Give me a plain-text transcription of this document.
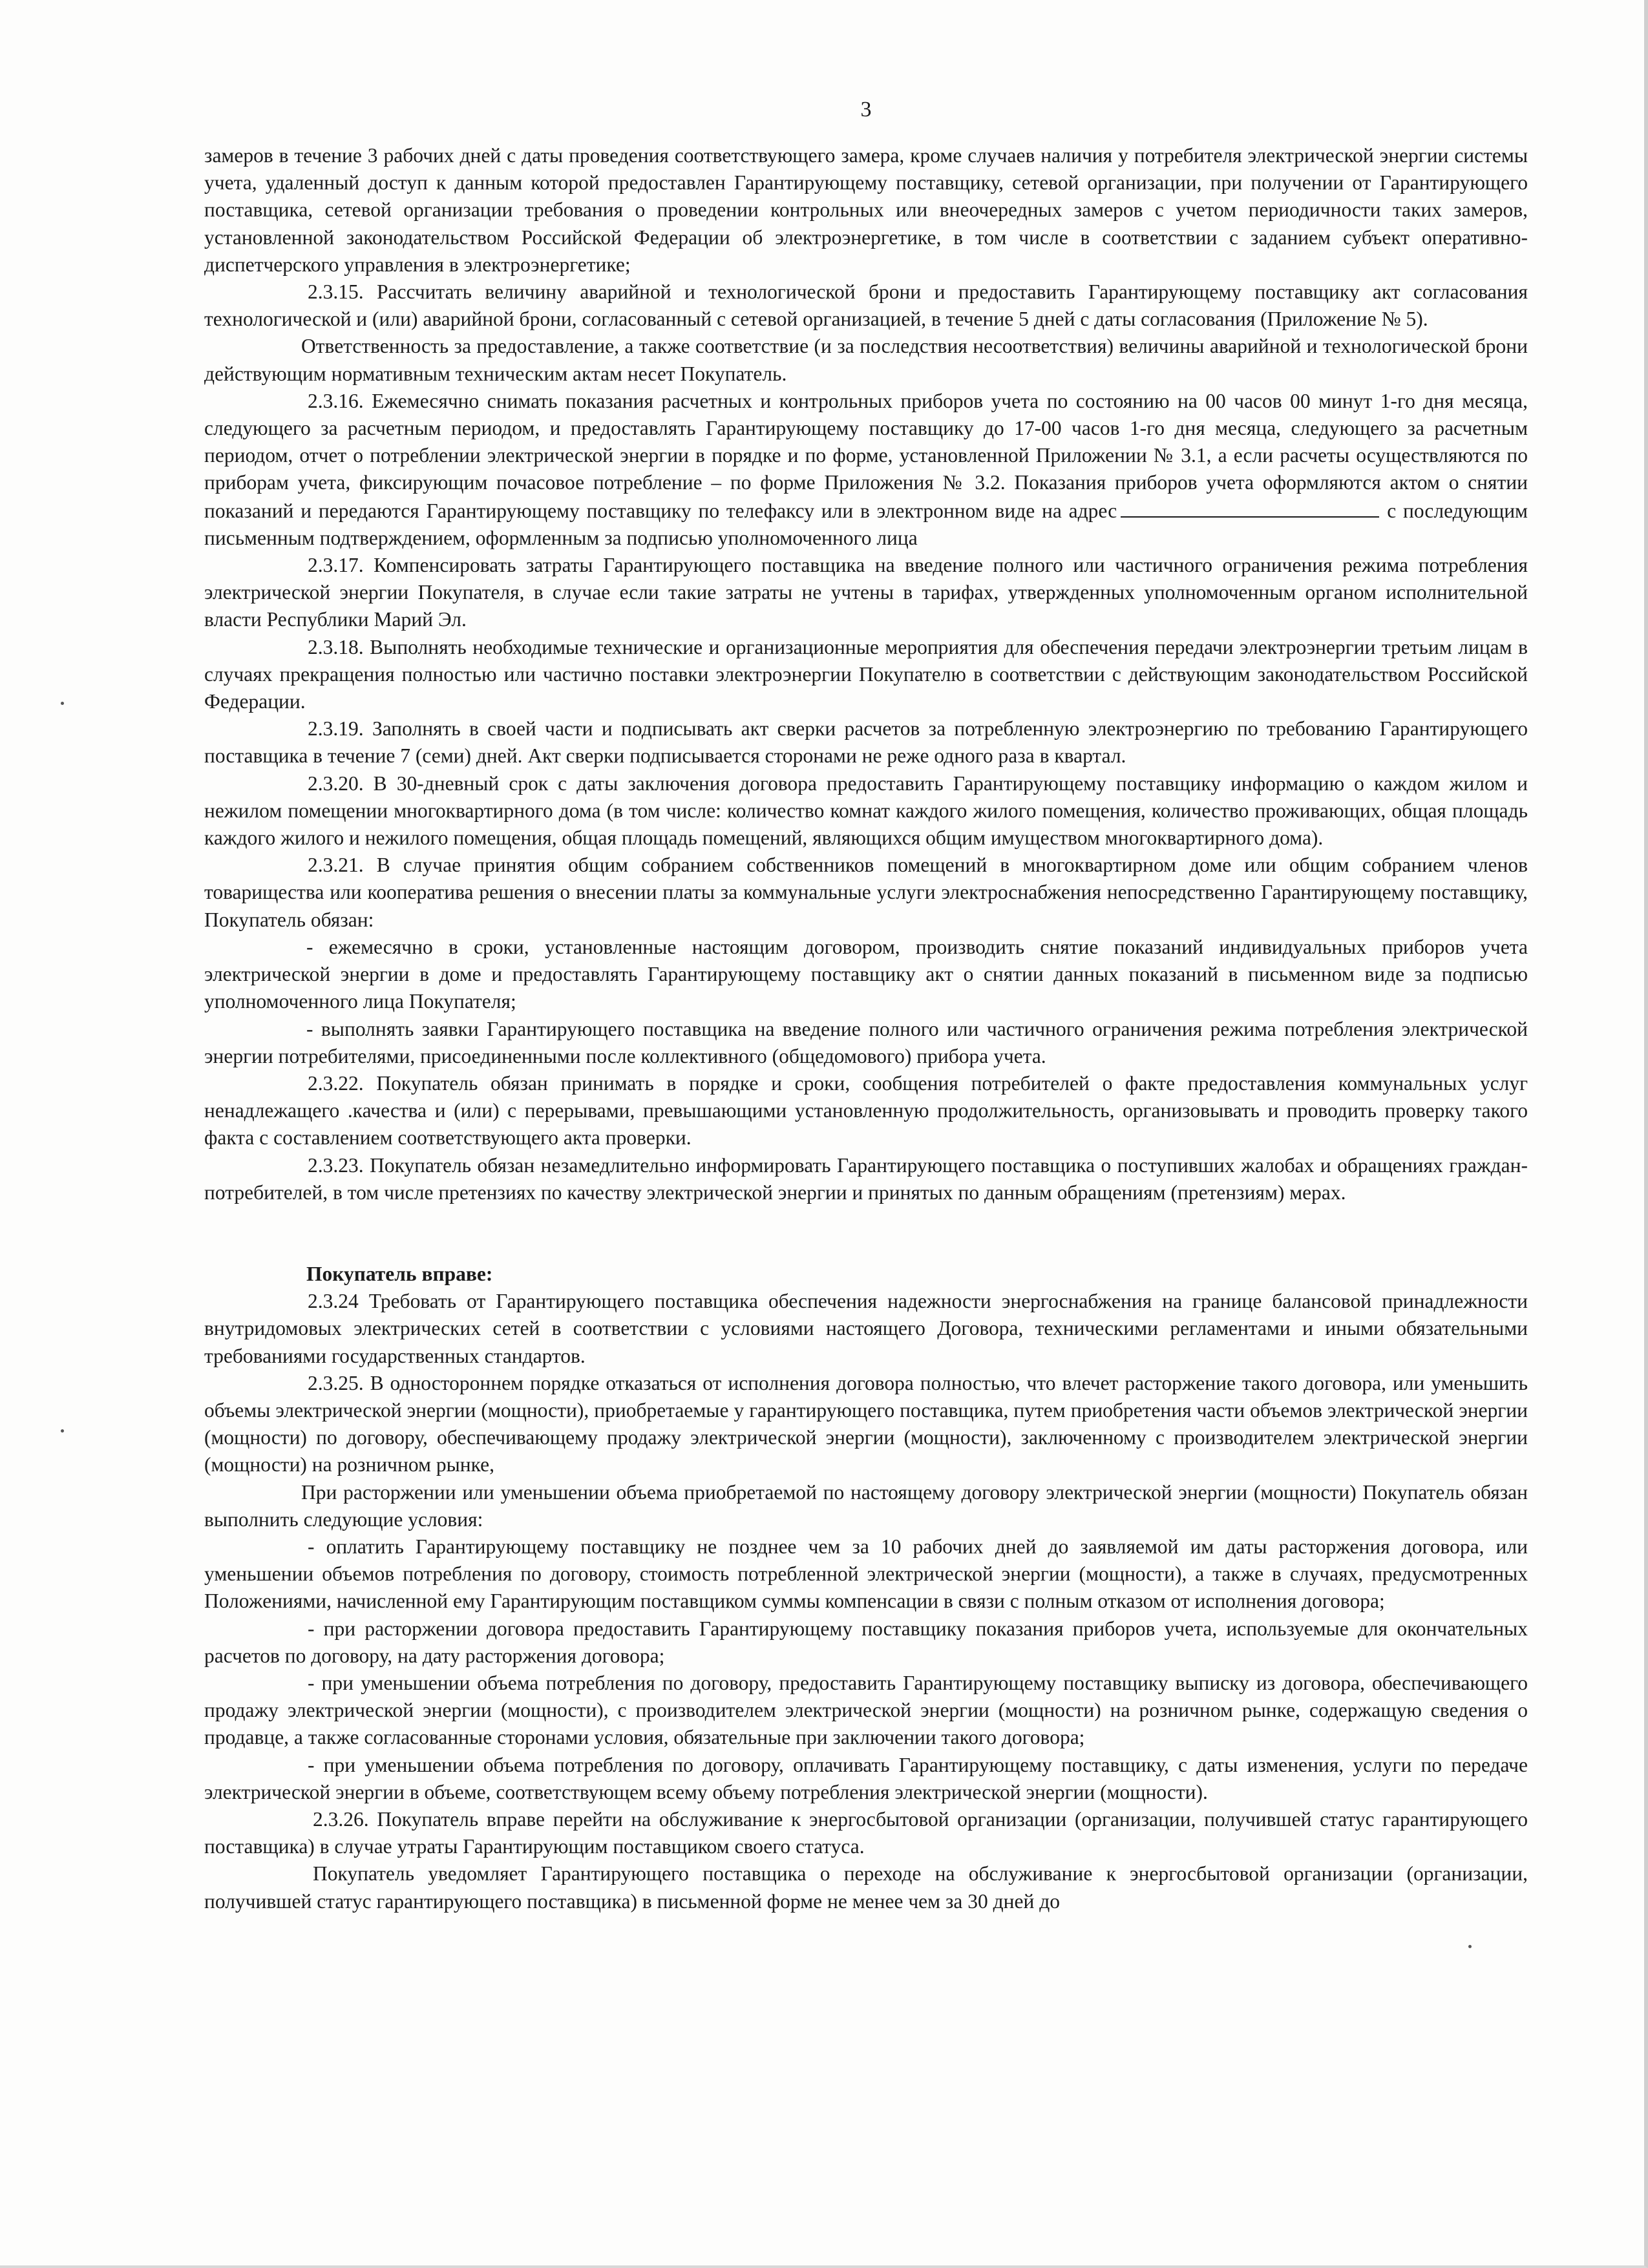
3

замеров в течение 3 рабочих дней с даты проведения соответствующего замера, кроме случаев наличия у потребителя электрической энергии системы учета, удаленный доступ к данным которой предоставлен Гарантирующему поставщику, сетевой организации, при получении от Гарантирующего поставщика, сетевой организации требования о проведении контрольных или внеочередных замеров с учетом периодичности таких замеров, установленной законодательством Российской Федерации об электроэнергетике, в том числе в соответствии с заданием субъект оперативно-диспетчерского управления в электроэнергетике;

2.3.15. Рассчитать величину аварийной и технологической брони и предоставить Гарантирующему поставщику акт согласования технологической и (или) аварийной брони, согласованный с сетевой организацией, в течение 5 дней с даты согласования (Приложение № 5).

Ответственность за предоставление, а также соответствие (и за последствия несоответствия) величины аварийной и технологической брони действующим нормативным техническим актам несет Покупатель.

2.3.16. Ежемесячно снимать показания расчетных и контрольных приборов учета по состоянию на 00 часов 00 минут 1-го дня месяца, следующего за расчетным периодом, и предоставлять Гарантирующему поставщику до 17-00 часов 1-го дня месяца, следующего за расчетным периодом, отчет о потреблении электрической энергии в порядке и по форме, установленной Приложении № 3.1, а если расчеты осуществляются по приборам учета, фиксирующим почасовое потребление – по форме Приложения № 3.2. Показания приборов учета оформляются актом о снятии показаний и передаются Гарантирующему поставщику по телефаксу или в электронном виде на адрес	с последующим письменным подтверждением, оформленным за подписью уполномоченного лица

2.3.17. Компенсировать затраты Гарантирующего поставщика на введение полного или частичного ограничения режима потребления электрической энергии Покупателя, в случае если такие затраты не учтены в тарифах, утвержденных уполномоченным органом исполнительной власти Республики Марий Эл.

2.3.18. Выполнять необходимые технические и организационные мероприятия для обеспечения передачи электроэнергии третьим лицам в случаях прекращения полностью или частично поставки электроэнергии Покупателю в соответствии с действующим законодательством Российской Федерации.

2.3.19. Заполнять в своей части и подписывать акт сверки расчетов за потребленную электроэнергию по требованию Гарантирующего поставщика в течение 7 (семи) дней. Акт сверки подписывается сторонами не реже одного раза в квартал.

2.3.20. В 30-дневный срок с даты заключения договора предоставить Гарантирующему поставщику информацию о каждом жилом и нежилом помещении многоквартирного дома (в том числе: количество комнат каждого жилого помещения, количество проживающих, общая площадь каждого жилого и нежилого помещения, общая площадь помещений, являющихся общим имуществом многоквартирного дома).

2.3.21. В случае принятия общим собранием собственников помещений в многоквартирном доме или общим собранием членов товарищества или кооператива решения о внесении платы за коммунальные услуги электроснабжения непосредственно Гарантирующему поставщику, Покупатель обязан:

- ежемесячно в сроки, установленные настоящим договором, производить снятие показаний индивидуальных приборов учета электрической энергии в доме и предоставлять Гарантирующему поставщику акт о снятии данных показаний в письменном виде за подписью уполномоченного лица Покупателя;

- выполнять заявки Гарантирующего поставщика на введение полного или частичного ограничения режима потребления электрической энергии потребителями, присоединенными после коллективного (общедомового) прибора учета.

2.3.22. Покупатель обязан принимать в порядке и сроки, сообщения потребителей о факте предоставления коммунальных услуг ненадлежащего .качества и (или) с перерывами, превышающими установленную продолжительность, организовывать и проводить проверку такого факта с составлением соответствующего акта проверки.

2.3.23. Покупатель обязан незамедлительно информировать Гарантирующего поставщика о поступивших жалобах и обращениях граждан-потребителей, в том числе претензиях по качеству электрической энергии и принятых по данным обращениям (претензиям) мерах.

Покупатель вправе:

2.3.24 Требовать от Гарантирующего поставщика обеспечения надежности энергоснабжения на границе балансовой принадлежности внутридомовых электрических сетей в соответствии с условиями настоящего Договора, техническими регламентами и иными обязательными требованиями государственных стандартов.

2.3.25. В одностороннем порядке отказаться от исполнения договора полностью, что влечет расторжение такого договора, или уменьшить объемы электрической энергии (мощности), приобретаемые у гарантирующего поставщика, путем приобретения части объемов электрической энергии (мощности) по договору, обеспечивающему продажу электрической энергии (мощности), заключенному с производителем электрической энергии (мощности) на розничном рынке,

При расторжении или уменьшении объема приобретаемой по настоящему договору электрической энергии (мощности) Покупатель обязан выполнить следующие условия:

- оплатить Гарантирующему поставщику не позднее чем за 10 рабочих дней до заявляемой им даты расторжения договора, или уменьшении объемов потребления по договору, стоимость потребленной электрической энергии (мощности), а также в случаях, предусмотренных Положениями, начисленной ему Гарантирующим поставщиком суммы компенсации в связи с полным отказом от исполнения договора;

- при расторжении договора предоставить Гарантирующему поставщику показания приборов учета, используемые для окончательных расчетов по договору, на дату расторжения договора;

- при уменьшении объема потребления по договору, предоставить Гарантирующему поставщику выписку из договора, обеспечивающего продажу электрической энергии (мощности), с производителем электрической энергии (мощности) на розничном рынке, содержащую сведения о продавце, а также согласованные сторонами условия, обязательные при заключении такого договора;

- при уменьшении объема потребления по договору, оплачивать Гарантирующему поставщику, с даты изменения, услуги по передаче электрической энергии в объеме, соответствующем всему объему потребления электрической энергии (мощности).

2.3.26. Покупатель вправе перейти на обслуживание к энергосбытовой организации (организации, получившей статус гарантирующего поставщика) в случае утраты Гарантирующим поставщиком своего статуса.

Покупатель уведомляет Гарантирующего поставщика о переходе на обслуживание к энергосбытовой организации (организации, получившей статус гарантирующего поставщика) в письменной форме не менее чем за 30 дней до
